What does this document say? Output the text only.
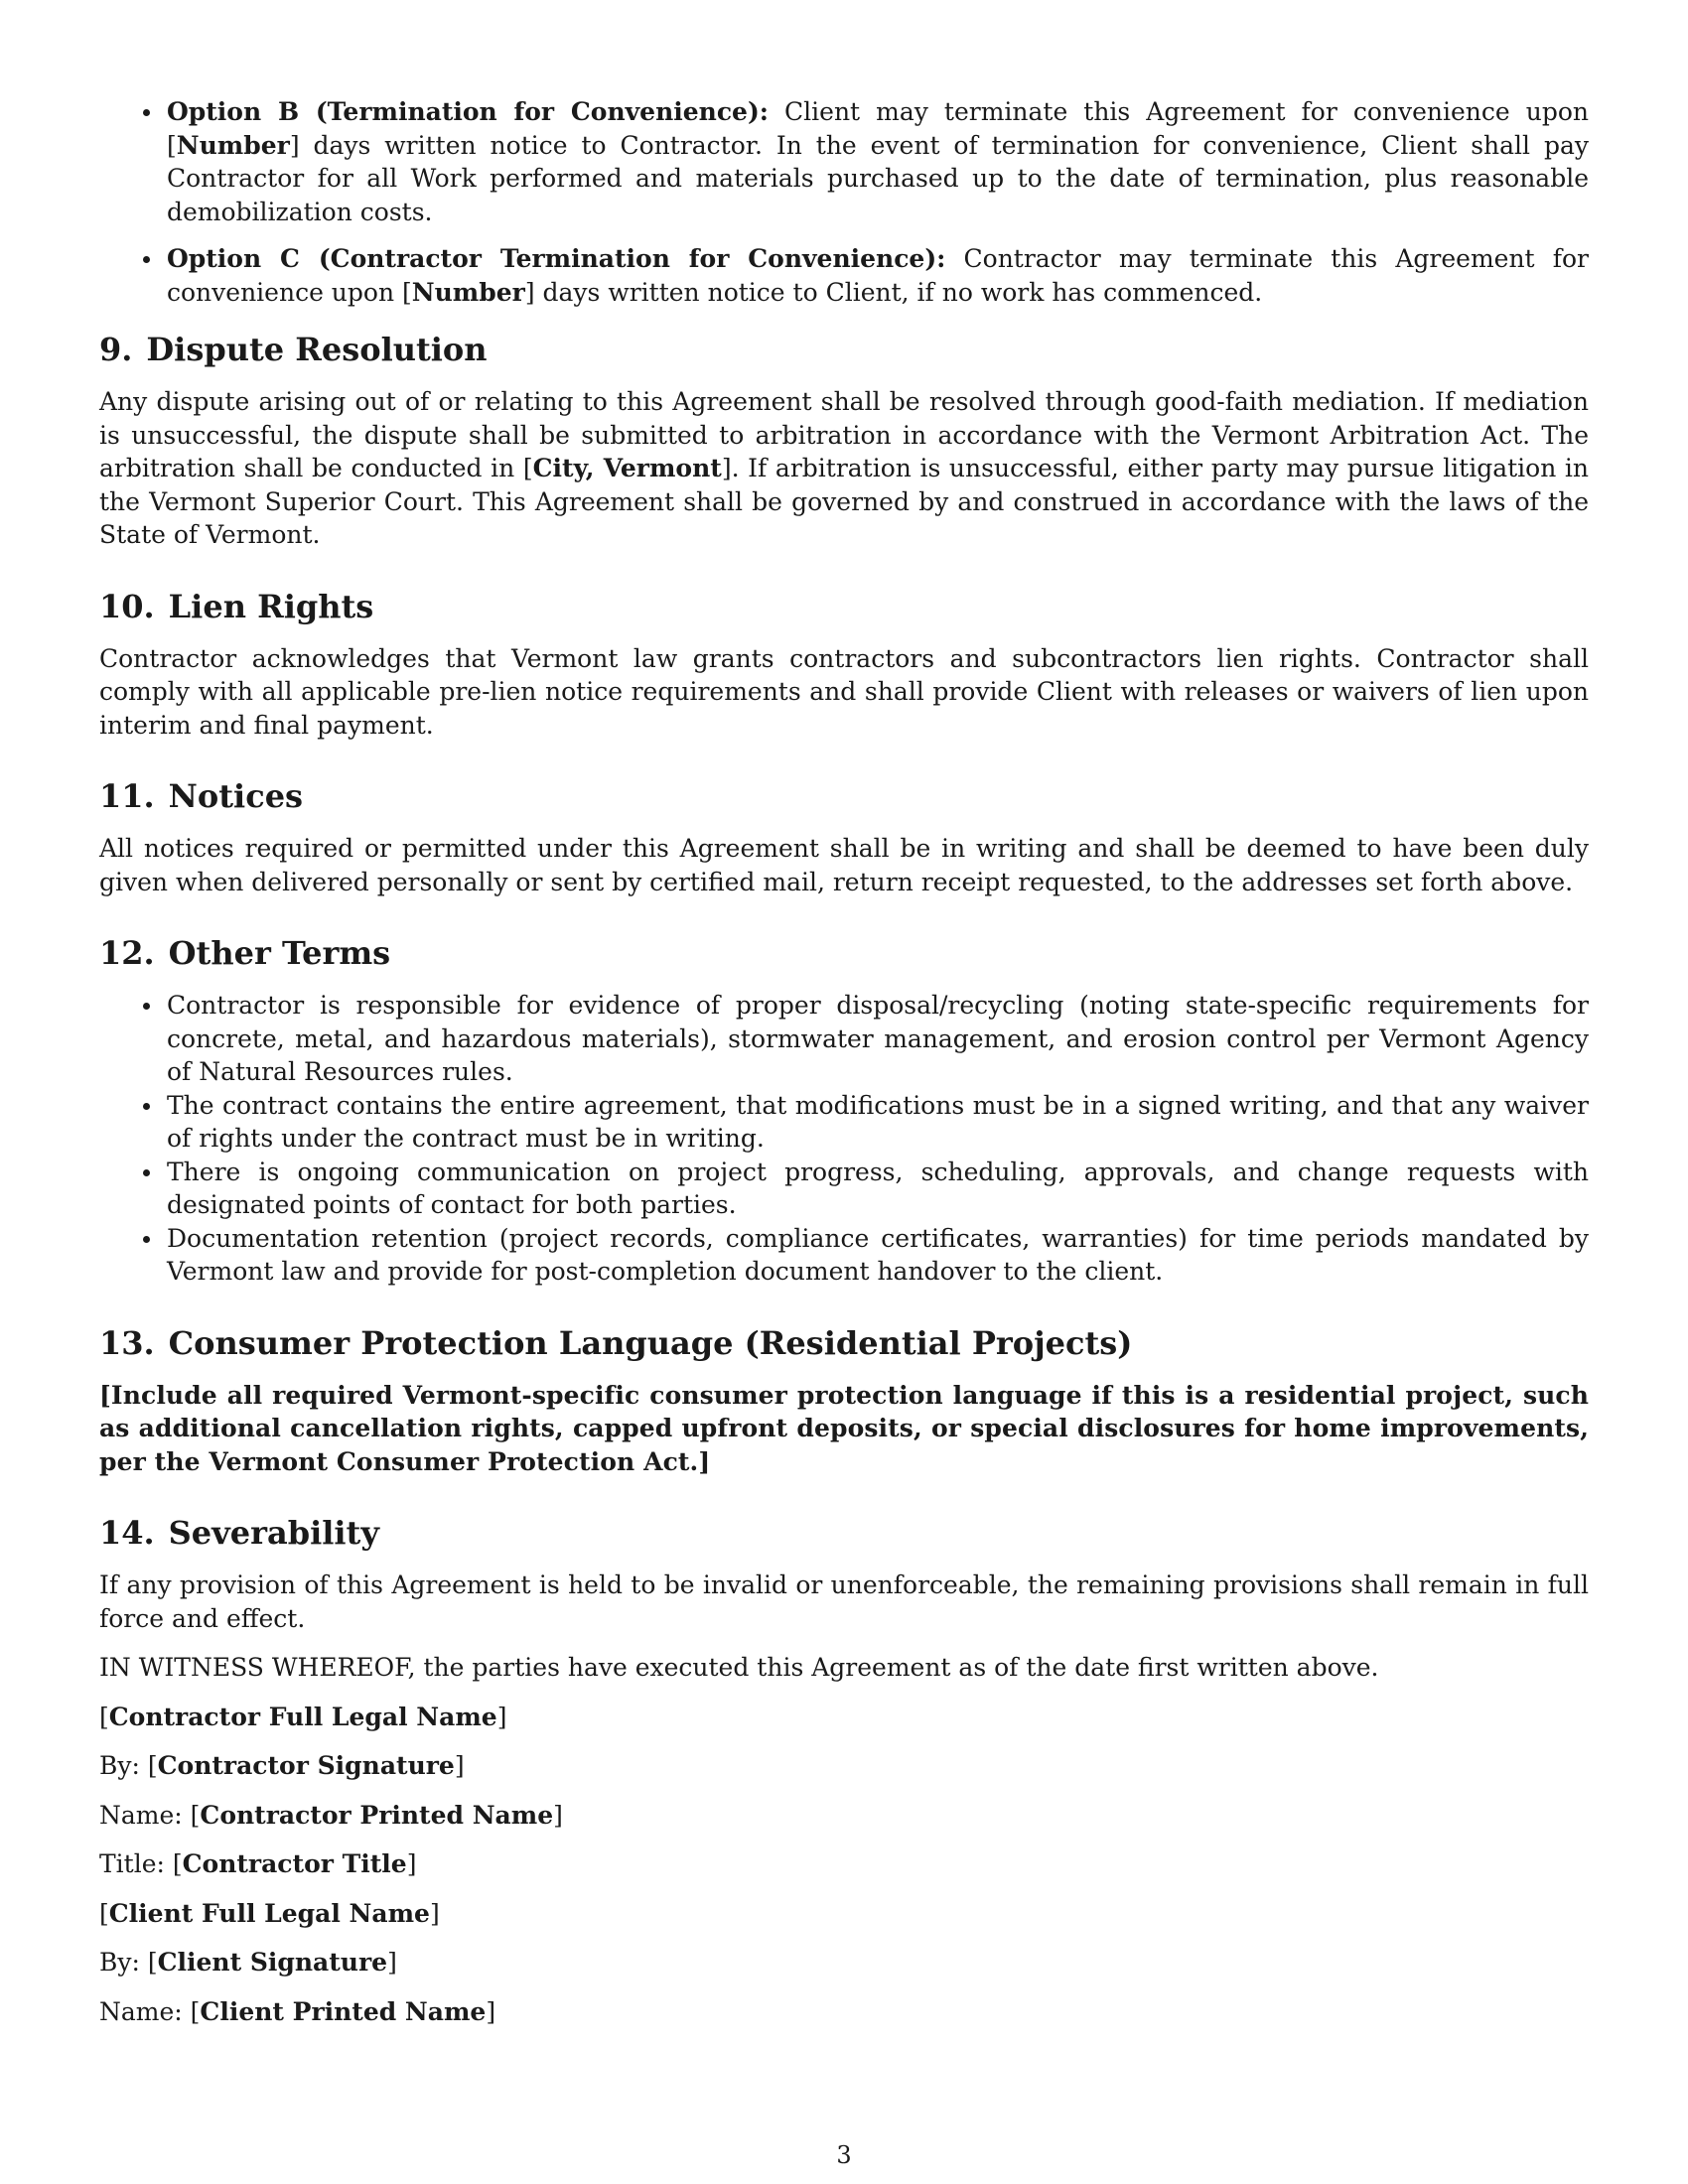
Option B (Termination for Convenience): Client may terminate this Agreement for convenience upon [Number] days written notice to Contractor. In the event of termination for convenience, Client shall pay Contractor for all Work performed and materials purchased up to the date of termination, plus reasonable demobilization costs.
Option C (Contractor Termination for Convenience): Contractor may terminate this Agreement for convenience upon [Number] days written notice to Client, if no work has commenced.
9. Dispute Resolution

Any dispute arising out of or relating to this Agreement shall be resolved through good-faith mediation. If mediation is unsuccessful, the dispute shall be submitted to arbitration in accordance with the Vermont Arbitration Act. The arbitration shall be conducted in [City, Vermont]. If arbitration is unsuccessful, either party may pursue litigation in the Vermont Superior Court. This Agreement shall be governed by and construed in accordance with the laws of the State of Vermont.

10. Lien Rights

Contractor acknowledges that Vermont law grants contractors and subcontractors lien rights. Contractor shall comply with all applicable pre-lien notice requirements and shall provide Client with releases or waivers of lien upon interim and final payment.

11. Notices

All notices required or permitted under this Agreement shall be in writing and shall be deemed to have been duly given when delivered personally or sent by certified mail, return receipt requested, to the addresses set forth above.

12. Other Terms
Contractor is responsible for evidence of proper disposal/recycling (noting state-specific requirements for concrete, metal, and hazardous materials), stormwater management, and erosion control per Vermont Agency of Natural Resources rules.
The contract contains the entire agreement, that modifications must be in a signed writing, and that any waiver of rights under the contract must be in writing.
There is ongoing communication on project progress, scheduling, approvals, and change requests with designated points of contact for both parties.
Documentation retention (project records, compliance certificates, warranties) for time periods mandated by Vermont law and provide for post-completion document handover to the client.
13. Consumer Protection Language (Residential Projects)

[Include all required Vermont-specific consumer protection language if this is a residential project, such as additional cancellation rights, capped upfront deposits, or special disclosures for home improvements, per the Vermont Consumer Protection Act.]

14. Severability

If any provision of this Agreement is held to be invalid or unenforceable, the remaining provisions shall remain in full force and effect.

IN WITNESS WHEREOF, the parties have executed this Agreement as of the date first written above.

[Contractor Full Legal Name]

By: [Contractor Signature]

Name: [Contractor Printed Name]

Title: [Contractor Title]

[Client Full Legal Name]

By: [Client Signature]

Name: [Client Printed Name]

3
